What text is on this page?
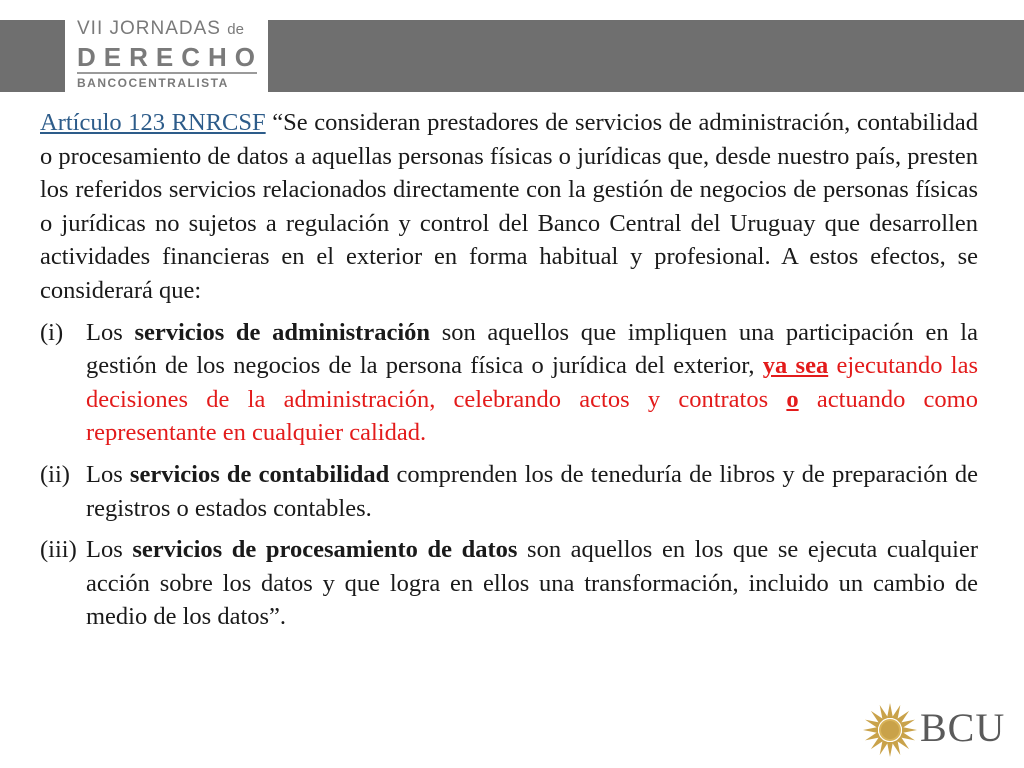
VII JORNADAS de
DERECHO
BANCOCENTRALISTA

Artículo 123 RNRCSF “Se consideran prestadores de servicios de administración, contabilidad o procesamiento de datos a aquellas personas físicas o jurídicas que, desde nuestro país, presten los referidos servicios relacionados directamente con la gestión de negocios de personas físicas o jurídicas no sujetos a regulación y control del Banco Central del Uruguay que desarrollen actividades financieras en el exterior en forma habitual y profesional. A estos efectos, se considerará que:

(i) Los servicios de administración son aquellos que impliquen una participación en la gestión de los negocios de la persona física o jurídica del exterior, ya sea ejecutando las decisiones de la administración, celebrando actos y contratos o actuando como representante en cualquier calidad.
(ii) Los servicios de contabilidad comprenden los de teneduría de libros y de preparación de registros o estados contables.
(iii) Los servicios de procesamiento de datos son aquellos en los que se ejecuta cualquier acción sobre los datos y que logra en ellos una transformación, incluido un cambio de medio de los datos”.
BCU
